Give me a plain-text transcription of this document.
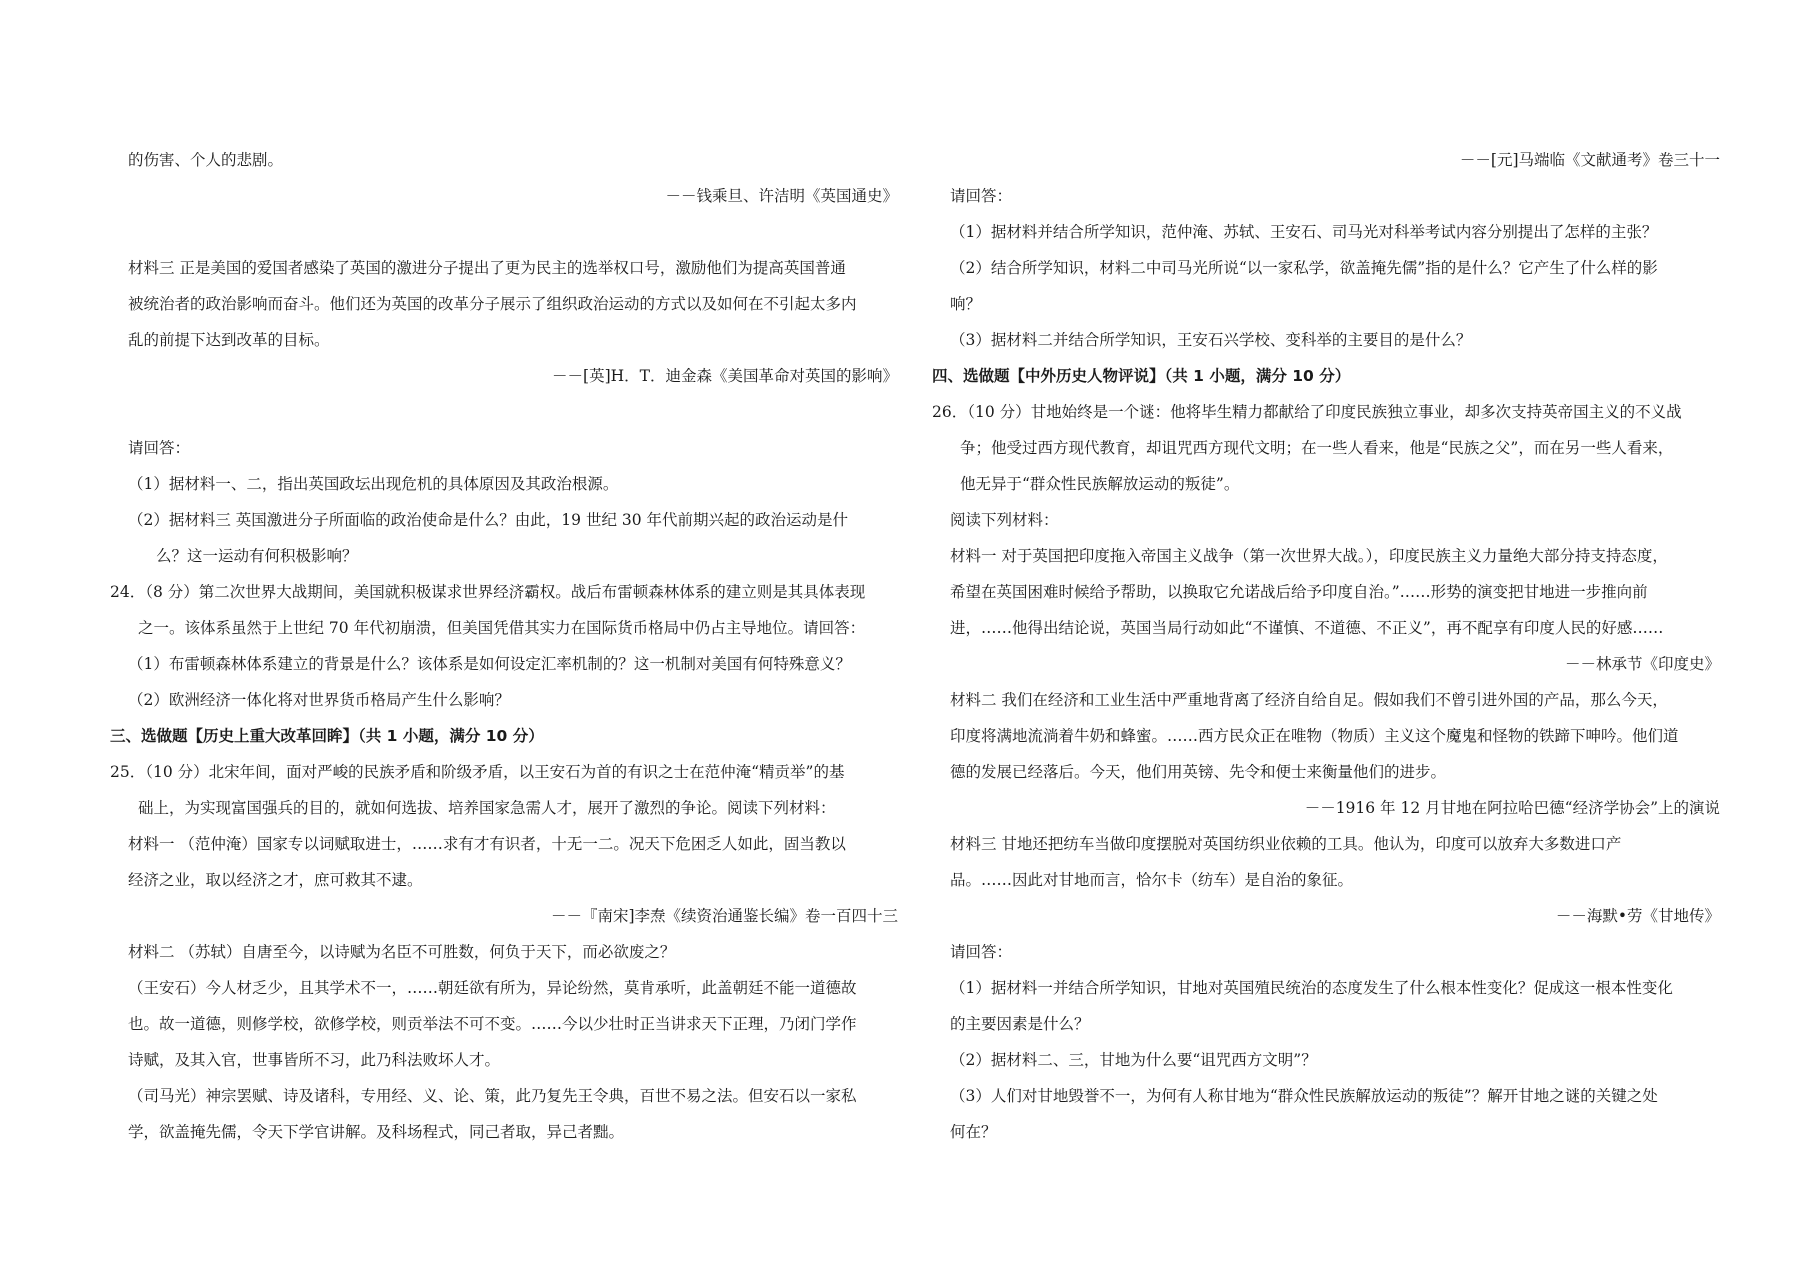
的伤害、个人的悲剧。

－－钱乘旦、许洁明《英国通史》

材料三 正是美国的爱国者感染了英国的激进分子提出了更为民主的选举权口号，激励他们为提高英国普通

被统治者的政治影响而奋斗。他们还为英国的改革分子展示了组织政治运动的方式以及如何在不引起太多内

乱的前提下达到改革的目标。

－－[英]H．T．迪金森《美国革命对英国的影响》

请回答：

（1）据材料一、二，指出英国政坛出现危机的具体原因及其政治根源。

（2）据材料三 英国激进分子所面临的政治使命是什么？由此，19 世纪 30 年代前期兴起的政治运动是什

么？这一运动有何积极影响？

24．（8 分）第二次世界大战期间，美国就积极谋求世界经济霸权。战后布雷顿森林体系的建立则是其具体表现

之一。该体系虽然于上世纪 70 年代初崩溃，但美国凭借其实力在国际货币格局中仍占主导地位。请回答：

（1）布雷顿森林体系建立的背景是什么？该体系是如何设定汇率机制的？这一机制对美国有何特殊意义？

（2）欧洲经济一体化将对世界货币格局产生什么影响？

三、选做题【历史上重大改革回眸】（共 1 小题，满分 10 分）

25．（10 分）北宋年间，面对严峻的民族矛盾和阶级矛盾，以王安石为首的有识之士在范仲淹“精贡举”的基

础上，为实现富国强兵的目的，就如何选拔、培养国家急需人才，展开了激烈的争论。阅读下列材料：

材料一 （范仲淹）国家专以词赋取进士，……求有才有识者，十无一二。况天下危困乏人如此，固当教以

经济之业，取以经济之才，庶可救其不逮。

－－『南宋]李焘《续资治通鉴长编》卷一百四十三

材料二 （苏轼）自唐至今，以诗赋为名臣不可胜数，何负于天下，而必欲废之？

（王安石）今人材乏少，且其学术不一，……朝廷欲有所为，异论纷然，莫肯承听，此盖朝廷不能一道德故

也。故一道德，则修学校，欲修学校，则贡举法不可不变。……今以少壮时正当讲求天下正理，乃闭门学作

诗赋，及其入官，世事皆所不习，此乃科法败坏人才。

（司马光）神宗罢赋、诗及诸科，专用经、义、论、策，此乃复先王令典，百世不易之法。但安石以一家私

学，欲盖掩先儒，令天下学官讲解。及科场程式，同己者取，异己者黜。

－－[元]马端临《文献通考》卷三十一

请回答：

（1）据材料并结合所学知识，范仲淹、苏轼、王安石、司马光对科举考试内容分别提出了怎样的主张？

（2）结合所学知识，材料二中司马光所说“以一家私学，欲盖掩先儒”指的是什么？它产生了什么样的影

响？

（3）据材料二并结合所学知识，王安石兴学校、变科举的主要目的是什么？

四、选做题【中外历史人物评说】（共 1 小题，满分 10 分）

26．（10 分）甘地始终是一个谜：他将毕生精力都献给了印度民族独立事业，却多次支持英帝国主义的不义战

争；他受过西方现代教育，却诅咒西方现代文明；在一些人看来，他是“民族之父”，而在另一些人看来，

他无异于“群众性民族解放运动的叛徒”。

阅读下列材料：

材料一 对于英国把印度拖入帝国主义战争（第一次世界大战。），印度民族主义力量绝大部分持支持态度，

希望在英国困难时候给予帮助，以换取它允诺战后给予印度自治。”……形势的演变把甘地进一步推向前

进，……他得出结论说，英国当局行动如此“不谨慎、不道德、不正义”，再不配享有印度人民的好感……

－－林承节《印度史》

材料二 我们在经济和工业生活中严重地背离了经济自给自足。假如我们不曾引进外国的产品，那么今天，

印度将满地流淌着牛奶和蜂蜜。……西方民众正在唯物（物质）主义这个魔鬼和怪物的铁蹄下呻吟。他们道

德的发展已经落后。今天，他们用英镑、先令和便士来衡量他们的进步。

－－1916 年 12 月甘地在阿拉哈巴德“经济学协会”上的演说

材料三 甘地还把纺车当做印度摆脱对英国纺织业依赖的工具。他认为，印度可以放弃大多数进口产

品。……因此对甘地而言，恰尔卡（纺车）是自治的象征。

－－海默•劳《甘地传》

请回答：

（1）据材料一并结合所学知识，甘地对英国殖民统治的态度发生了什么根本性变化？促成这一根本性变化

的主要因素是什么？

（2）据材料二、三，甘地为什么要“诅咒西方文明”？

（3）人们对甘地毁誉不一，为何有人称甘地为“群众性民族解放运动的叛徒”？解开甘地之谜的关键之处

何在？
